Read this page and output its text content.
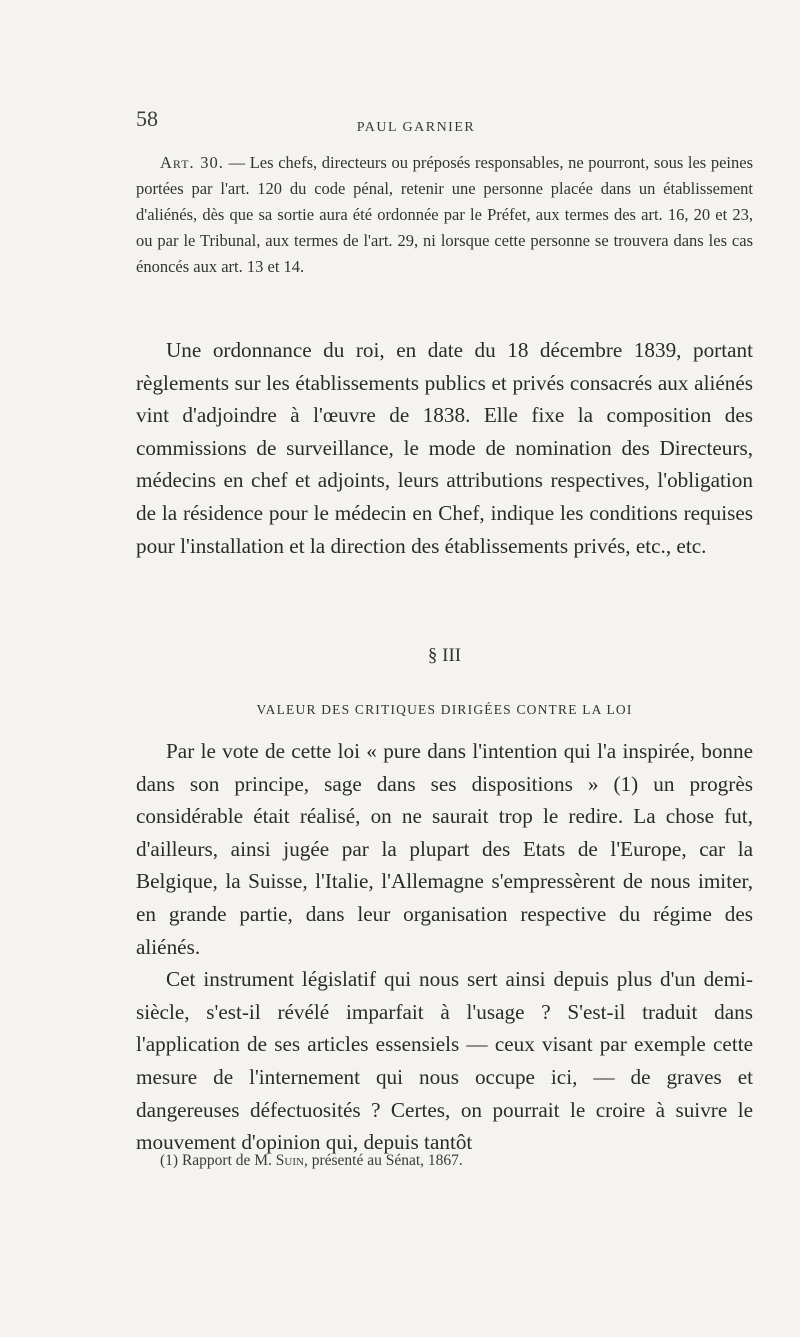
58	PAUL GARNIER

Art. 30. — Les chefs, directeurs ou préposés responsables, ne pourront, sous les peines portées par l'art. 120 du code pénal, retenir une personne placée dans un établissement d'aliénés, dès que sa sortie aura été ordonnée par le Préfet, aux termes des art. 16, 20 et 23, ou par le Tribunal, aux termes de l'art. 29, ni lorsque cette personne se trouvera dans les cas énoncés aux art. 13 et 14.

Une ordonnance du roi, en date du 18 décembre 1839, portant règlements sur les établissements publics et privés consacrés aux aliénés vint d'adjoindre à l'œuvre de 1838. Elle fixe la composition des commissions de surveillance, le mode de nomination des Directeurs, médecins en chef et adjoints, leurs attributions respectives, l'obligation de la résidence pour le médecin en Chef, indique les conditions requises pour l'installation et la direction des établissements privés, etc., etc.

§ III
VALEUR DES CRITIQUES DIRIGÉES CONTRE LA LOI

Par le vote de cette loi « pure dans l'intention qui l'a inspirée, bonne dans son principe, sage dans ses dispositions » (1) un progrès considérable était réalisé, on ne saurait trop le redire. La chose fut, d'ailleurs, ainsi jugée par la plupart des Etats de l'Europe, car la Belgique, la Suisse, l'Italie, l'Allemagne s'empressèrent de nous imiter, en grande partie, dans leur organisation respective du régime des aliénés.

Cet instrument législatif qui nous sert ainsi depuis plus d'un demi-siècle, s'est-il révélé imparfait à l'usage ? S'est-il traduit dans l'application de ses articles essensiels — ceux visant par exemple cette mesure de l'internement qui nous occupe ici, — de graves et dangereuses défectuosités ? Certes, on pourrait le croire à suivre le mouvement d'opinion qui, depuis tantôt

(1) Rapport de M. Suin, présenté au Sénat, 1867.
